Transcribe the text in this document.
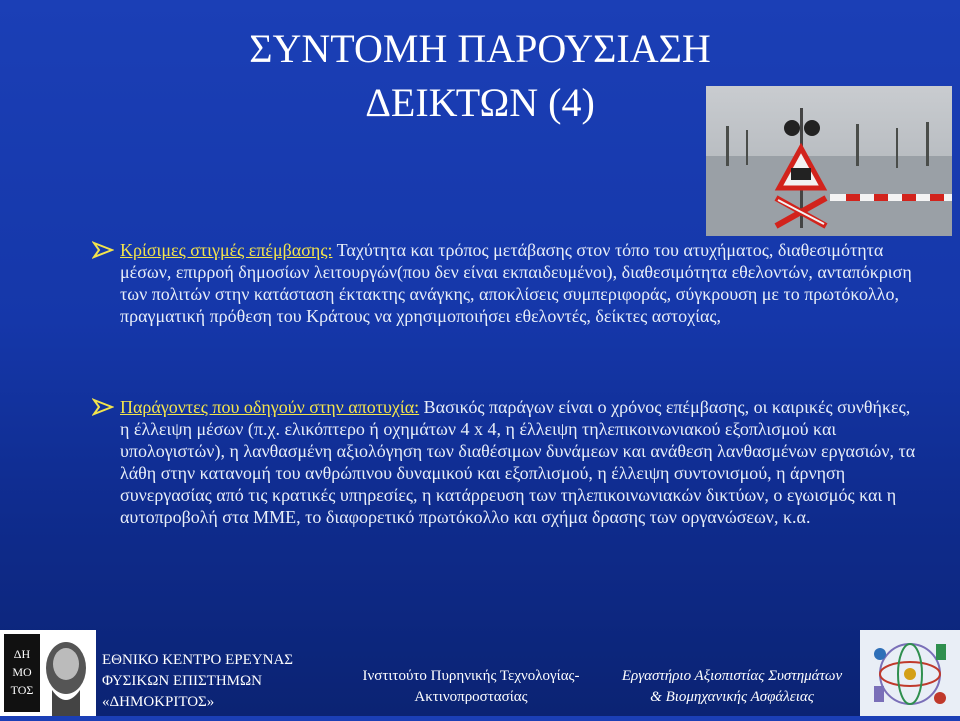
ΣΥΝΤΟΜΗ ΠΑΡΟΥΣΙΑΣΗ
ΔΕΙΚΤΩΝ (4)
Κρίσιμες στιγμές επέμβασης: Ταχύτητα και τρόπος μετάβασης στον τόπο του ατυχήματος, διαθεσιμότητα μέσων, επιρροή δημοσίων λειτουργών(που δεν είναι εκπαιδευμένοι), διαθεσιμότητα εθελοντών, ανταπόκριση των πολιτών στην κατάσταση έκτακτης ανάγκης, αποκλίσεις συμπεριφοράς, σύγκρουση με το πρωτόκολλο, πραγματική πρόθεση του Κράτους να χρησιμοποιήσει εθελοντές, δείκτες αστοχίας,
Παράγοντες που οδηγούν στην αποτυχία: Βασικός παράγων είναι ο χρόνος επέμβασης, οι καιρικές συνθήκες, η έλλειψη μέσων (π.χ. ελικόπτερο ή οχημάτων 4 x 4, η έλλειψη τηλεπικοινωνιακού εξοπλισμού και υπολογιστών), η λανθασμένη αξιολόγηση των διαθέσιμων δυνάμεων και ανάθεση λανθασμένων εργασιών, τα λάθη στην κατανομή του ανθρώπινου δυναμικού και εξοπλισμού, η έλλειψη συντονισμού, η άρνηση συνεργασίας από τις κρατικές υπηρεσίες, η κατάρρευση των τηλεπικοινωνιακών δικτύων, ο εγωισμός και η αυτοπροβολή στα ΜΜΕ, το διαφορετικό πρωτόκολλο και σχήμα δρασης των οργανώσεων, κ.α.
ΔΗ
ΜΟ
ΤΟΣ
ΕΘΝΙΚΟ ΚΕΝΤΡΟ ΕΡΕΥΝΑΣ
ΦΥΣΙΚΩΝ ΕΠΙΣΤΗΜΩΝ
«ΔΗΜΟΚΡΙΤΟΣ»
Ινστιτούτο Πυρηνικής Τεχνολογίας-
Ακτινοπροστασίας
Εργαστήριο Αξιοπιστίας Συστημάτων
& Βιομηχανικής Ασφάλειας
